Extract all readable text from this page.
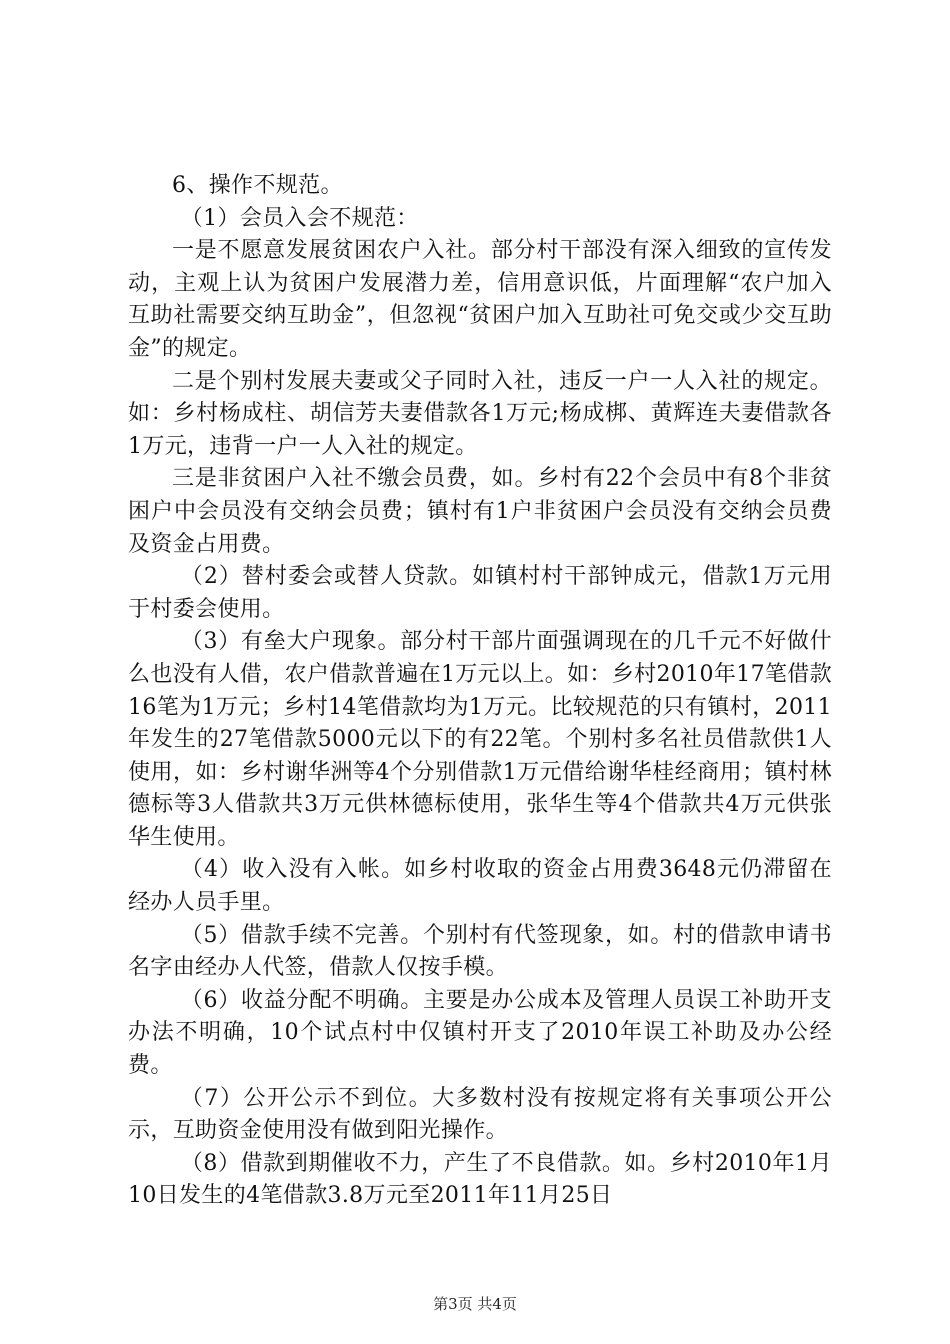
6、操作不规范。

（1）会员入会不规范：

一是不愿意发展贫困农户入社。部分村干部没有深入细致的宣传发动，主观上认为贫困户发展潜力差，信用意识低，片面理解“农户加入互助社需要交纳互助金”，但忽视“贫困户加入互助社可免交或少交互助金”的规定。

二是个别村发展夫妻或父子同时入社，违反一户一人入社的规定。如：乡村杨成柱、胡信芳夫妻借款各1万元;杨成梆、黄辉连夫妻借款各1万元，违背一户一人入社的规定。

三是非贫困户入社不缴会员费，如。乡村有22个会员中有8个非贫困户中会员没有交纳会员费；镇村有1户非贫困户会员没有交纳会员费及资金占用费。

（2）替村委会或替人贷款。如镇村村干部钟成元，借款1万元用于村委会使用。

（3）有垒大户现象。部分村干部片面强调现在的几千元不好做什么也没有人借，农户借款普遍在1万元以上。如：乡村2010年17笔借款16笔为1万元；乡村14笔借款均为1万元。比较规范的只有镇村，2011年发生的27笔借款5000元以下的有22笔。个别村多名社员借款供1人使用，如：乡村谢华洲等4个分别借款1万元借给谢华桂经商用；镇村林德标等3人借款共3万元供林德标使用，张华生等4个借款共4万元供张华生使用。

（4）收入没有入帐。如乡村收取的资金占用费3648元仍滞留在经办人员手里。

（5）借款手续不完善。个别村有代签现象，如。村的借款申请书名字由经办人代签，借款人仅按手模。

（6）收益分配不明确。主要是办公成本及管理人员误工补助开支办法不明确，10个试点村中仅镇村开支了2010年误工补助及办公经费。

（7）公开公示不到位。大多数村没有按规定将有关事项公开公示，互助资金使用没有做到阳光操作。

（8）借款到期催收不力，产生了不良借款。如。乡村2010年1月10日发生的4笔借款3.8万元至2011年11月25日

第3页 共4页
